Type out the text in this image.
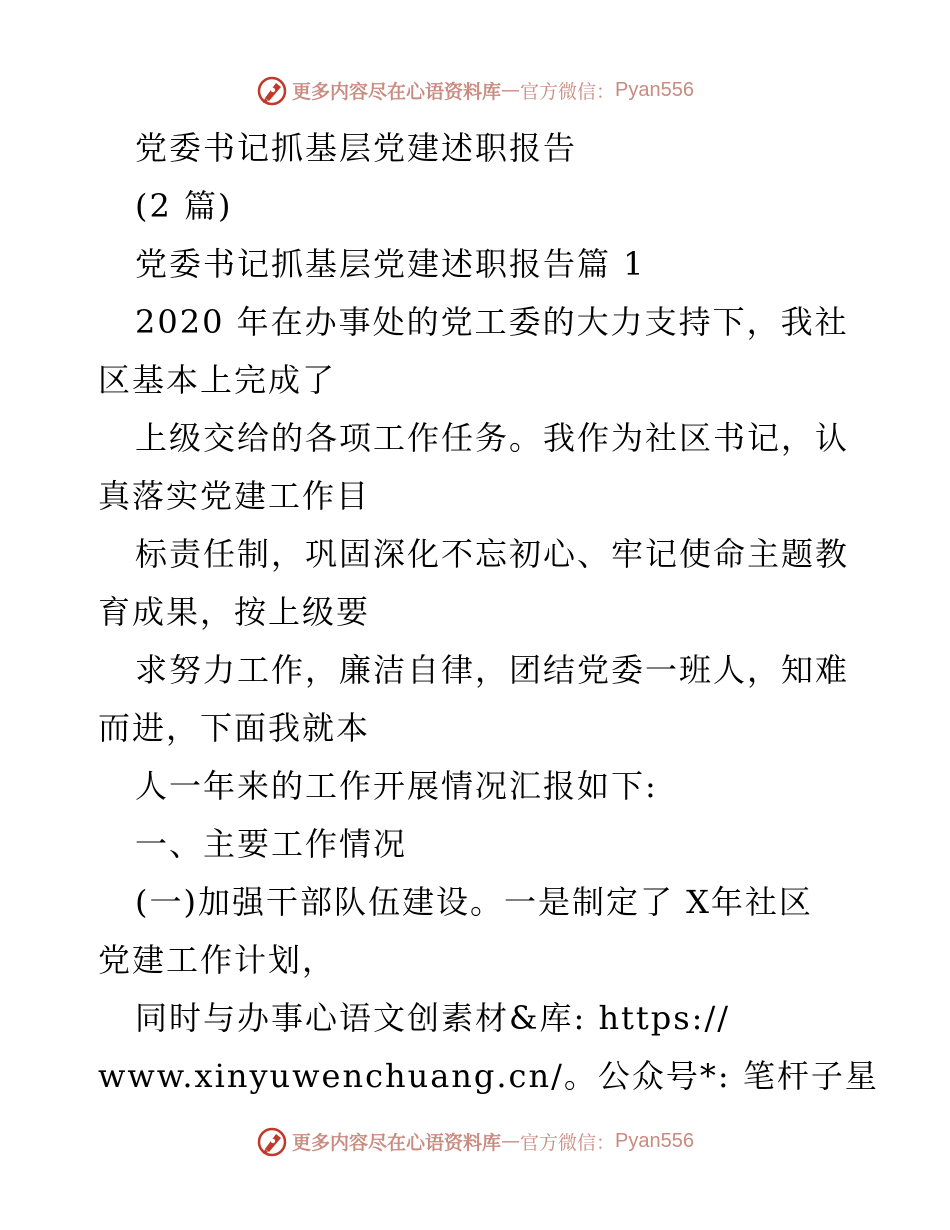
更多内容尽在心语资料库 — 官方微信： Pyan556
党委书记抓基层党建述职报告
(2 篇)
党委书记抓基层党建述职报告篇 1
2020 年在办事处的党工委的大力支持下，我社
区基本上完成了
上级交给的各项工作任务。我作为社区书记，认
真落实党建工作目
标责任制，巩固深化不忘初心、牢记使命主题教
育成果，按上级要
求努力工作，廉洁自律，团结党委一班人，知难
而进，下面我就本
人一年来的工作开展情况汇报如下:
一、主要工作情况
(一)加强干部队伍建设。一是制定了 X年社区
党建工作计划，
同时与办事心语文创素材&库: https://
www.xinyuwenchuang.cn/。公众号*: 笔杆子星
更多内容尽在心语资料库 — 官方微信： Pyan556
